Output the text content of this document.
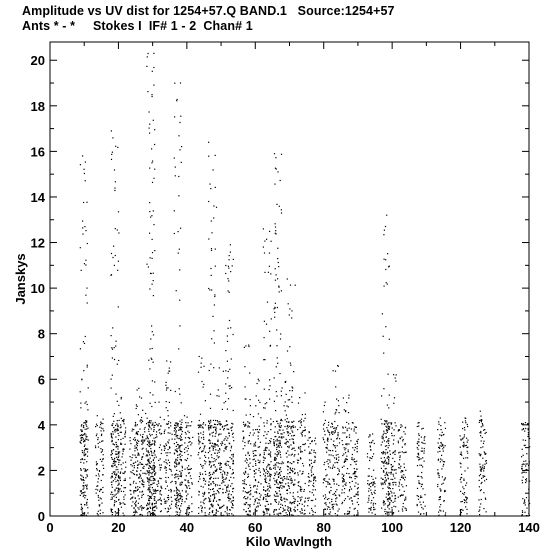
Amplitude vs UV dist for 1254+57.Q BAND.1   Source:1254+57
Ants * - *     Stokes I  IF# 1 - 2  Chan# 1
0	20	40	60	80	100	120	140
0
2
4
6
8
10
12
14
16
18
20
Kilo Wavlngth
Janskys
